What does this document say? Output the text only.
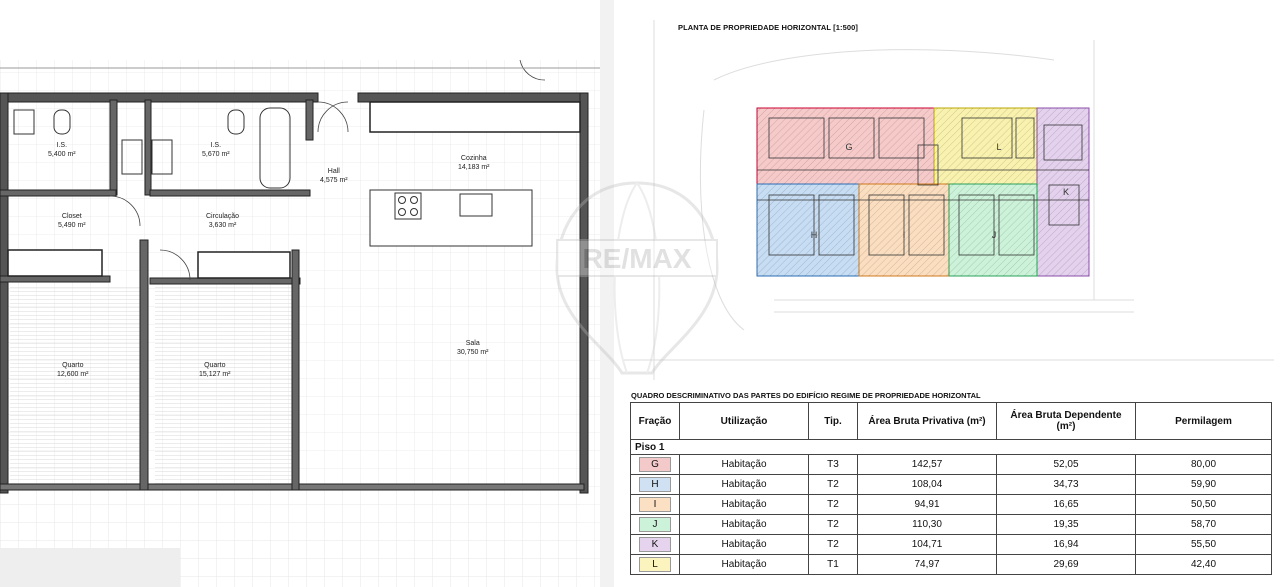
I.S.
5,400 m²
I.S.
5,670 m²
Hall
4,575 m²
Cozinha
14,183 m²
Closet
5,490 m²
Circulação
3,630 m²
Sala
30,750 m²
Quarto
12,600 m²
Quarto
15,127 m²
PLANTA DE PROPRIEDADE HORIZONTAL [1:500]
G	L
K
H	I	J
QUADRO DESCRIMINATIVO DAS PARTES DO EDIFÍCIO REGIME DE PROPRIEDADE HORIZONTAL
Fração	Utilização	Tip.	Área Bruta Privativa (m²)	Área Bruta Dependente (m²)	Permilagem
Piso 1					
G	Habitação	T3	142,57	52,05	80,00
H	Habitação	T2	108,04	34,73	59,90
I	Habitação	T2	94,91	16,65	50,50
J	Habitação	T2	110,30	19,35	58,70
K	Habitação	T2	104,71	16,94	55,50
L	Habitação	T1	74,97	29,69	42,40
RE/MAX
